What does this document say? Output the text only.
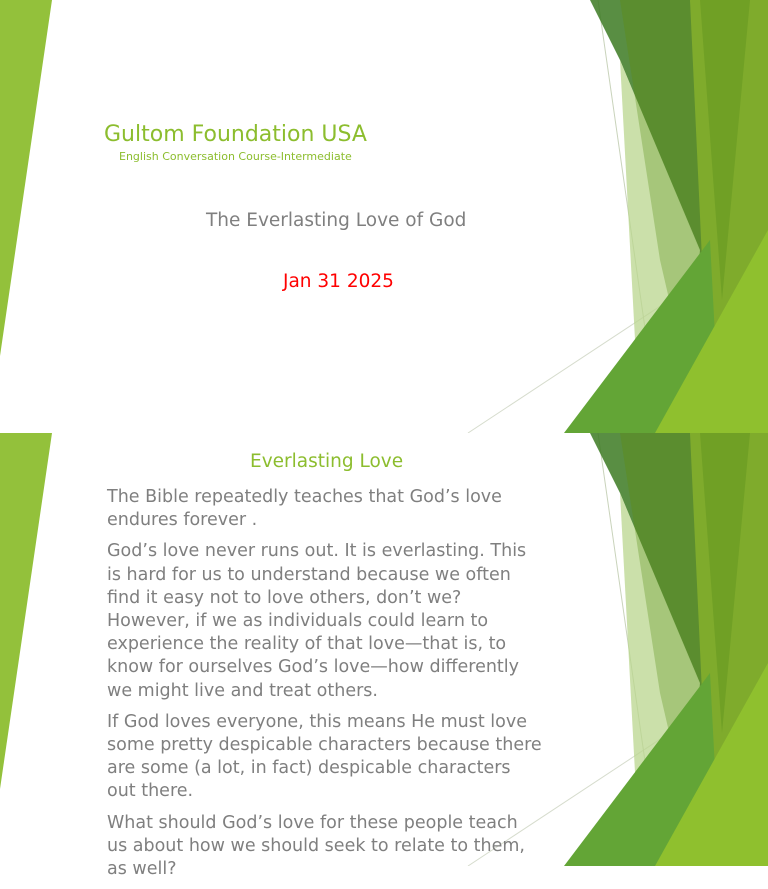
Gultom Foundation USA
English Conversation Course-Intermediate
The Everlasting Love of God
Jan 31 2025
Everlasting Love

The Bible repeatedly teaches that God’s love
endures forever .

God’s love never runs out. It is everlasting. This
is hard for us to understand because we often
find it easy not to love others, don’t we?
However, if we as individuals could learn to
experience the reality of that love—that is, to
know for ourselves God’s love—how differently
we might live and treat others.

If God loves everyone, this means He must love
some pretty despicable characters because there
are some (a lot, in fact) despicable characters
out there.

What should God’s love for these people teach
us about how we should seek to relate to them,
as well?
